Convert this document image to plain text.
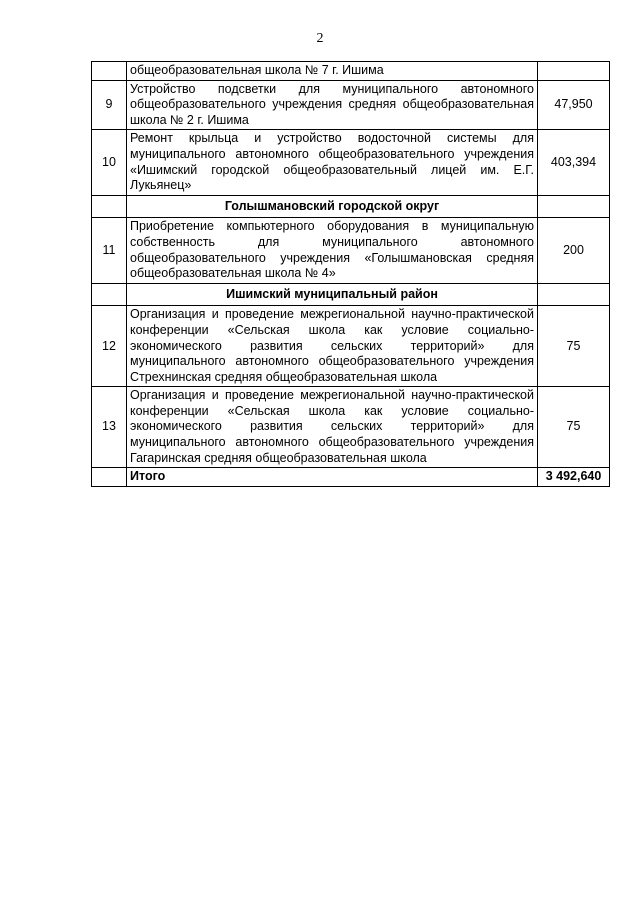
2
	общеобразовательная школа № 7 г. Ишима	
9	Устройство подсветки для муниципального автономного общеобразовательного учреждения средняя общеобразовательная школа № 2 г. Ишима	47,950
10	Ремонт крыльца и устройство водосточной системы для муниципального автономного общеобразовательного учреждения «Ишимский городской общеобразовательный лицей им. Е.Г. Лукьянец»	403,394
	Голышмановский городской округ	
11	Приобретение компьютерного оборудования в муниципальную собственность для муниципального автономного общеобразовательного учреждения «Голышмановская средняя общеобразовательная школа № 4»	200
	Ишимский муниципальный район	
12	Организация и проведение межрегиональной научно-практической конференции «Сельская школа как условие социально-экономического развития сельских территорий» для муниципального автономного общеобразовательного учреждения Стрехнинская средняя общеобразовательная школа	75
13	Организация и проведение межрегиональной научно-практической конференции «Сельская школа как условие социально-экономического развития сельских территорий» для муниципального автономного общеобразовательного учреждения Гагаринская средняя общеобразовательная школа	75
	Итого	3 492,640
